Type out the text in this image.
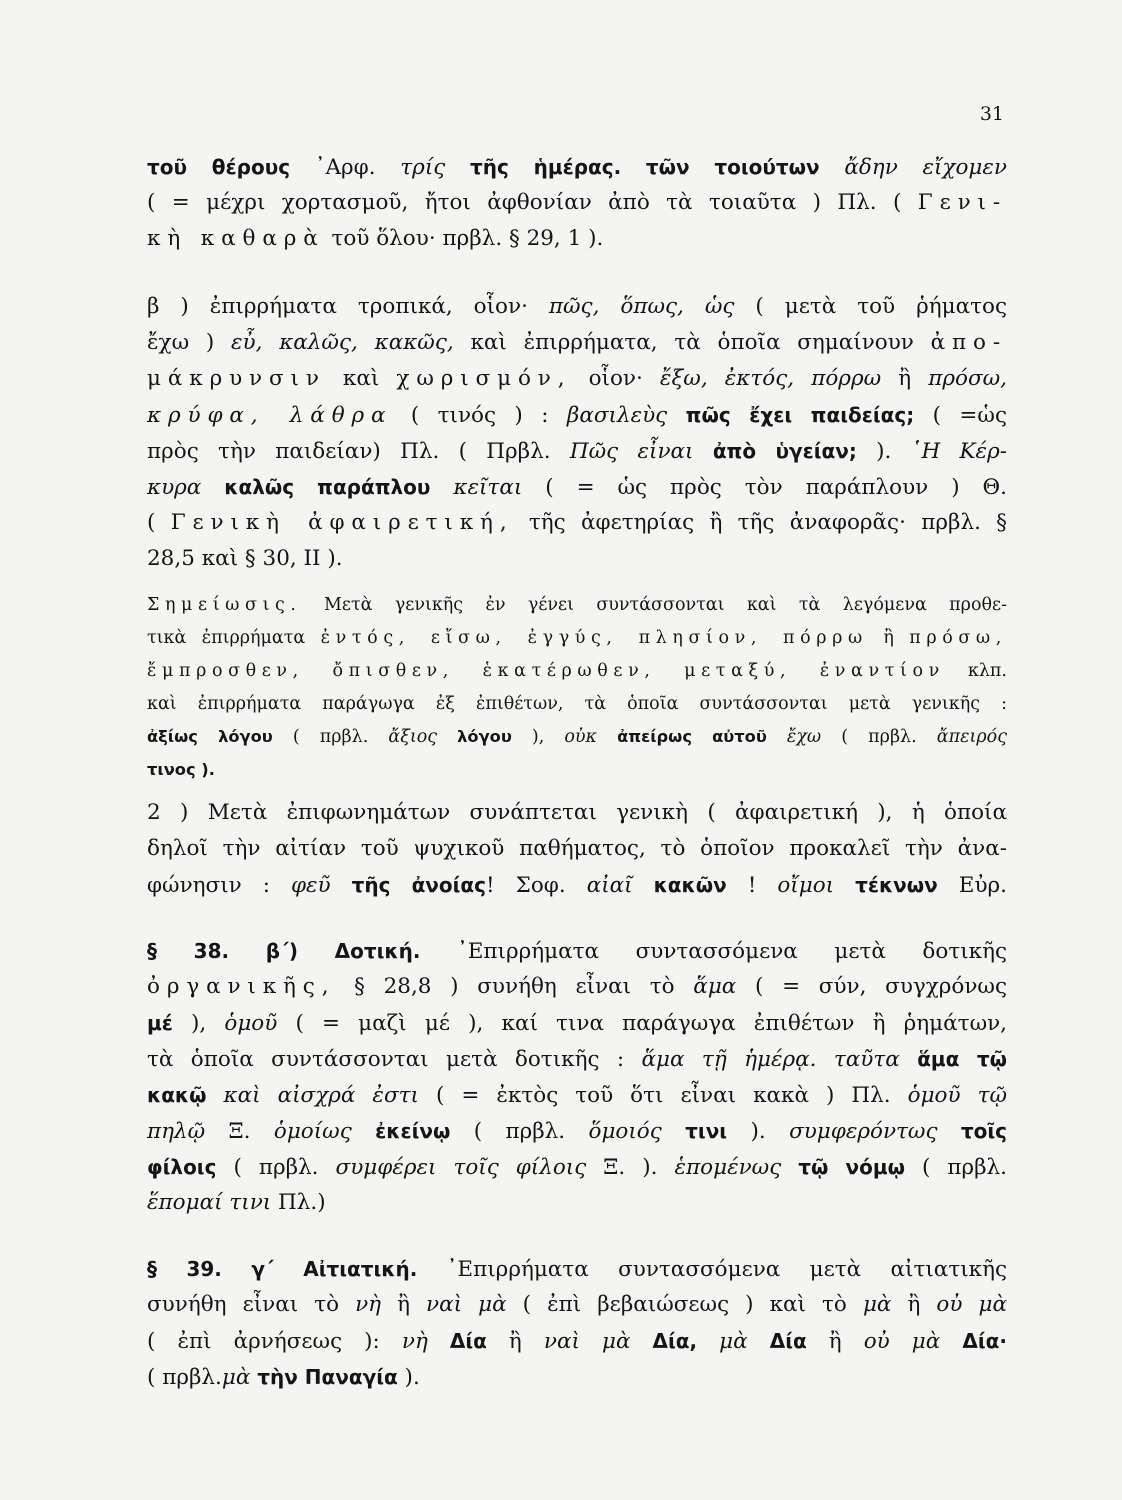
31
τοῦ θέρους ᾽Αρφ. τρίς τῆς ἡμέρας. τῶν τοιούτων ἄδην εἴχομεν
( = μέχρι χορτασμοῦ, ἤτοι ἀφθονίαν ἀπὸ τὰ τοιαῦτα ) Πλ. ( Γενι-
κὴ καθαρὰ τοῦ ὅλου· πρβλ. § 29, 1 ).
β ) ἐπιρρήματα τροπικά, οἷον· πῶς, ὅπως, ὡς ( μετὰ τοῦ ῥήματος
ἔχω ) εὖ, καλῶς, κακῶς, καὶ ἐπιρρήματα, τὰ ὁποῖα σημαίνουν ἀπο-
μάκρυνσιν καὶ χωρισμόν, οἷον· ἔξω, ἐκτός, πόρρω ἢ πρόσω,
κρύφα, λάθρα ( τινός ) : βασιλεὺς πῶς ἔχει παιδείας; ( =ὡς
πρὸς τὴν παιδείαν) Πλ. ( Πρβλ. Πῶς εἶναι ἀπὸ ὑγείαν; ). ῾Η Κέρ-
κυρα καλῶς παράπλου κεῖται ( = ὡς πρὸς τὸν παράπλουν ) Θ.
( Γενικὴ ἀφαιρετική, τῆς ἀφετηρίας ἢ τῆς ἀναφορᾶς· πρβλ. §
28,5 καὶ § 30, II ).
Σημείωσις. Μετὰ γενικῆς ἐν γένει συντάσσονται καὶ τὰ λεγόμενα προθε-
τικὰ ἐπιρρήματα ἐντός, εἴσω, ἐγγύς, πλησίον, πόρρω ἢ πρόσω,
ἔμπροσθεν, ὄπισθεν, ἑκατέρωθεν, μεταξύ, ἐναντίον κλπ.
καὶ ἐπιρρήματα παράγωγα ἐξ ἐπιθέτων, τὰ ὁποῖα συντάσσονται μετὰ γενικῆς :
ἀξίως λόγου ( πρβλ. ἄξιος λόγου ), οὐκ ἀπείρως αὐτοῦ ἔχω ( πρβλ. ἄπειρός
τινος ).
2 ) Μετὰ ἐπιφωνημάτων συνάπτεται γενικὴ ( ἀφαιρετική ), ἡ ὁποία
δηλοῖ τὴν αἰτίαν τοῦ ψυχικοῦ παθήματος, τὸ ὁποῖον προκαλεῖ τὴν ἀνα-
φώνησιν : φεῦ τῆς ἀνοίας! Σοφ. αἰαῖ κακῶν ! οἴμοι τέκνων Εὐρ.
§ 38. β΄) Δοτική. ᾽Επιρρήματα συντασσόμενα μετὰ δοτικῆς
ὀργανικῆς, § 28,8 ) συνήθη εἶναι τὸ ἅμα ( = σύν, συγχρόνως
μέ ), ὁμοῦ ( = μαζὶ μέ ), καί τινα παράγωγα ἐπιθέτων ἢ ῥημάτων,
τὰ ὁποῖα συντάσσονται μετὰ δοτικῆς : ἅμα τῇ ἡμέρᾳ. ταῦτα ἅμα τῷ
κακῷ καὶ αἰσχρά ἐστι ( = ἐκτὸς τοῦ ὅτι εἶναι κακὰ ) Πλ. ὁμοῦ τῷ
πηλῷ Ξ. ὁμοίως ἐκείνῳ ( πρβλ. ὅμοιός τινι ). συμφερόντως τοῖς
φίλοις ( πρβλ. συμφέρει τοῖς φίλοις Ξ. ). ἑπομένως τῷ νόμῳ ( πρβλ.
ἕπομαί τινι Πλ.)
§ 39. γ΄ Αἰτιατική. ᾽Επιρρήματα συντασσόμενα μετὰ αἰτιατικῆς
συνήθη εἶναι τὸ νὴ ἢ ναὶ μὰ ( ἐπὶ βεβαιώσεως ) καὶ τὸ μὰ ἢ οὐ μὰ
( ἐπὶ ἀρνήσεως ): νὴ Δία ἢ ναὶ μὰ Δία, μὰ Δία ἢ οὐ μὰ Δία·
( πρβλ.μὰ τὴν Παναγία ).
